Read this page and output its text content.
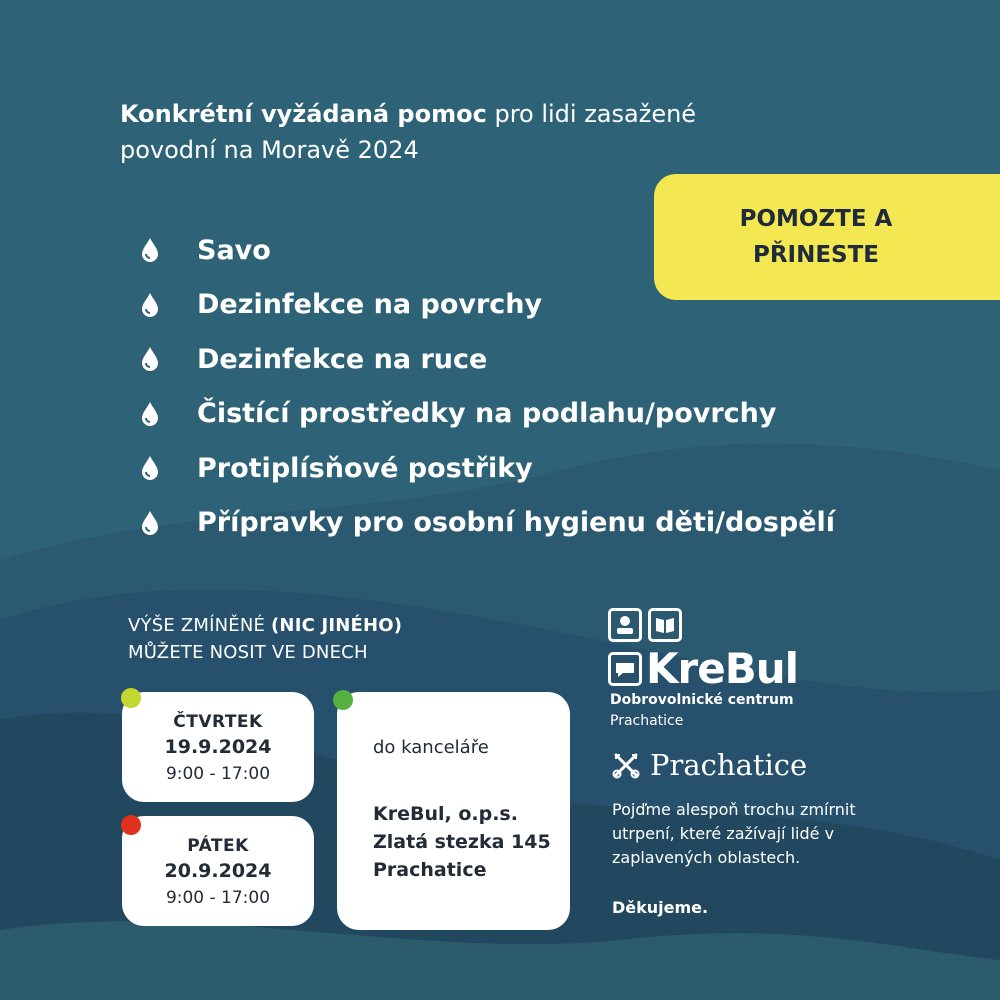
Konkrétní vyžádaná pomoc pro lidi zasažené
povodní na Moravě 2024
POMOZTE A
PŘINESTE
Savo
Dezinfekce na povrchy
Dezinfekce na ruce
Čistící prostředky na podlahu/povrchy
Protiplísňové postřiky
Přípravky pro osobní hygienu děti/dospělí
VÝŠE ZMÍNĚNÉ (NIC JINÉHO)
MŮŽETE NOSIT VE DNECH
ČTVRTEK
19.9.2024
9:00 - 17:00
PÁTEK
20.9.2024
9:00 - 17:00
do kanceláře
KreBul, o.p.s.
Zlatá stezka 145
Prachatice
KreBul
Dobrovolnické centrum
Prachatice
Prachatice
Pojďme alespoň trochu zmírnit utrpení, které zažívají lidé v zaplavených oblastech.
Děkujeme.
